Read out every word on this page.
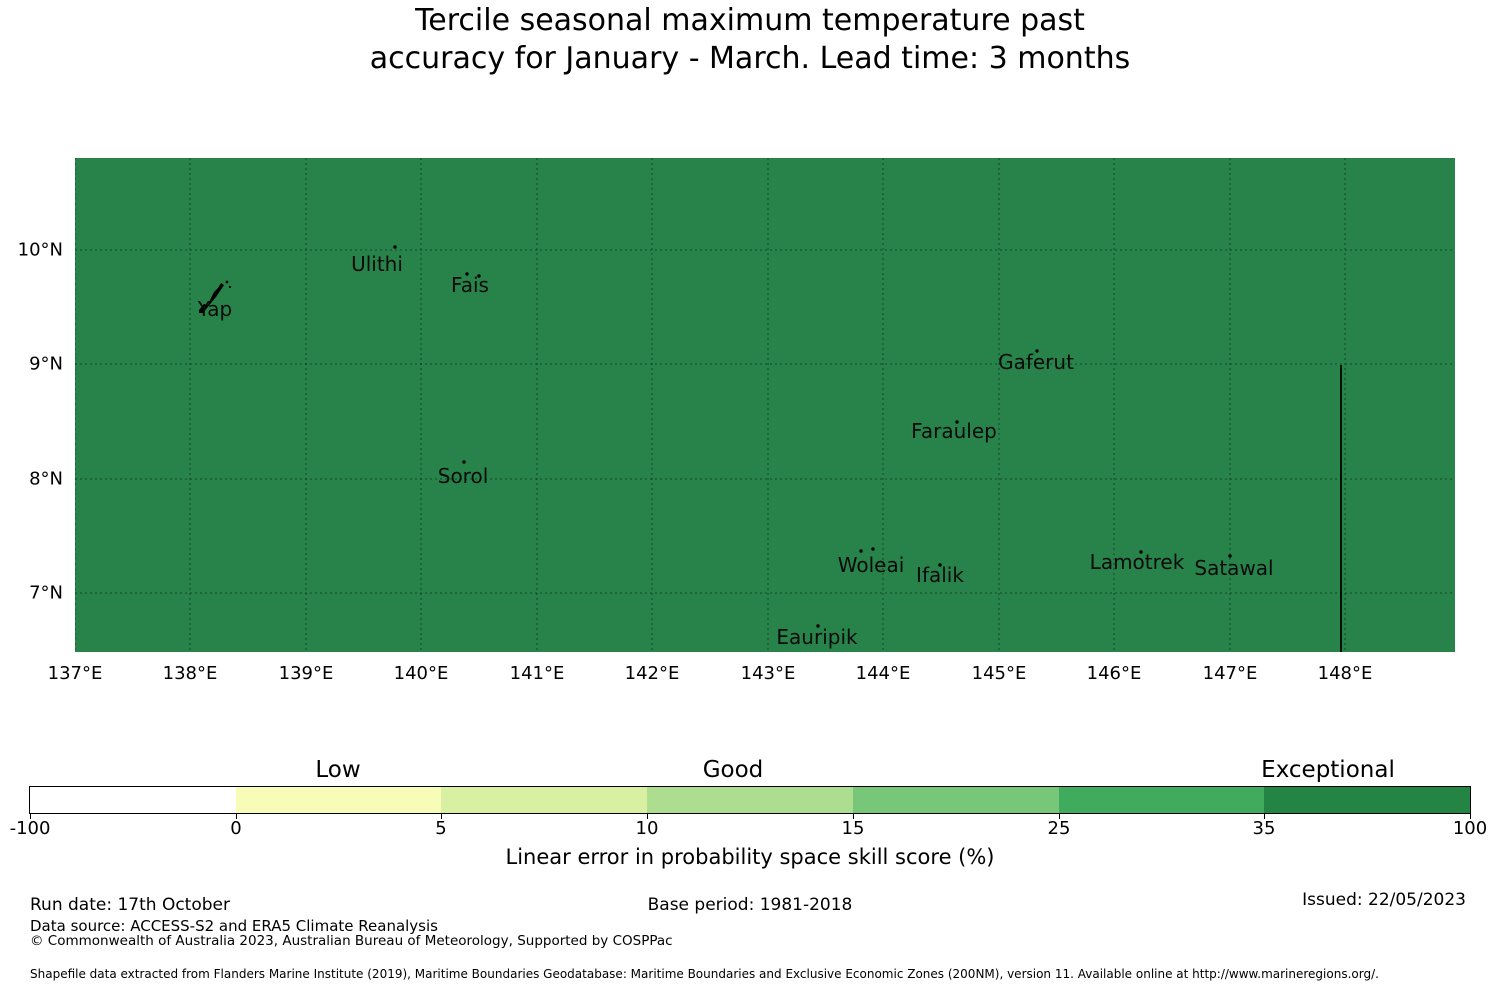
Tercile seasonal maximum temperature past
accuracy for January - March. Lead time: 3 months
Yap
Ulithi
Fais
Sorol
Gaferut
Faraulep
Woleai Ifalik
Lamotrek Satawal
Eauripik
10°N
9°N
8°N
7°N
137°E	138°E	139°E	140°E	141°E	142°E	143°E	144°E	145°E	146°E	147°E	148°E
Low	Good	Exceptional
-100	0	5	10	15	25	35	100
Linear error in probability space skill score (%)
Run date: 17th October	Base period: 1981-2018	Issued: 22/05/2023
Data source: ACCESS-S2 and ERA5 Climate Reanalysis
© Commonwealth of Australia 2023, Australian Bureau of Meteorology, Supported by COSPPac
Shapefile data extracted from Flanders Marine Institute (2019), Maritime Boundaries Geodatabase: Maritime Boundaries and Exclusive Economic Zones (200NM), version 11. Available online at http://www.marineregions.org/.
